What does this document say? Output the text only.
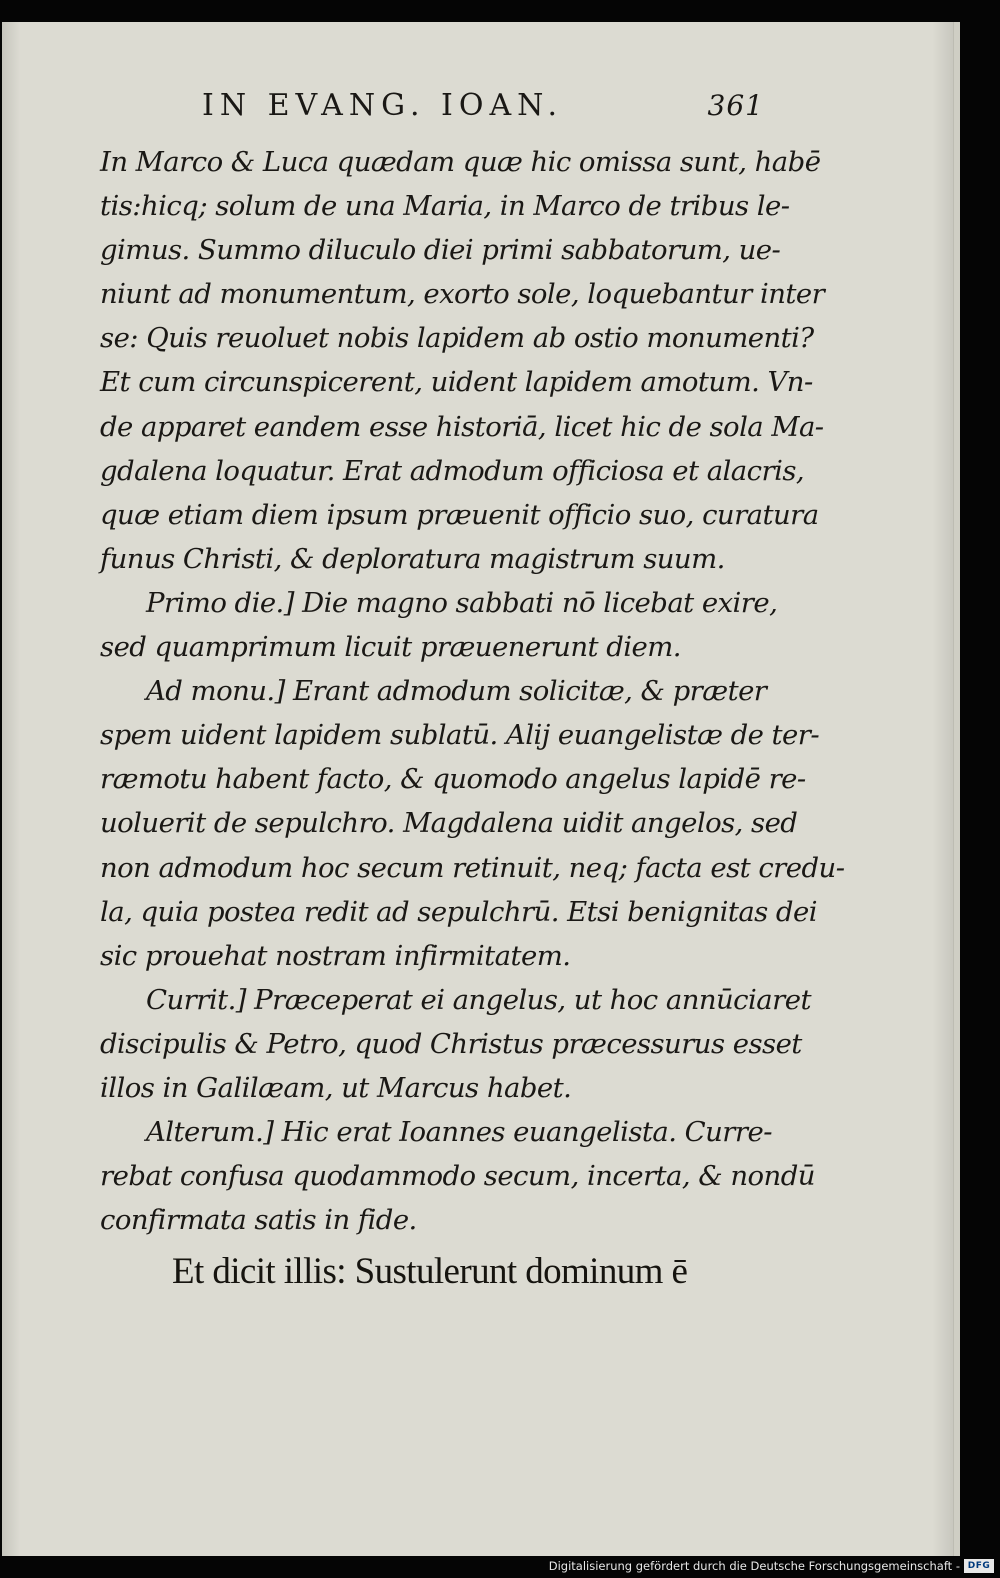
IN EVANG. IOAN.	361
In Marco & Luca quædam quæ hic omissa sunt, habē
tis:hicq; solum de una Maria, in Marco de tribus le-
gimus. Summo diluculo diei primi sabbatorum, ue-
niunt ad monumentum, exorto sole, loquebantur inter
se: Quis reuoluet nobis lapidem ab ostio monumenti?
Et cum circunspicerent, uident lapidem amotum. Vn-
de apparet eandem esse historiā, licet hic de sola Ma-
gdalena loquatur. Erat admodum officiosa et alacris,
quæ etiam diem ipsum præuenit officio suo, curatura
funus Christi, & deploratura magistrum suum.
Primo die.] Die magno sabbati nō licebat exire,
sed quamprimum licuit præuenerunt diem.
Ad monu.] Erant admodum solicitæ, & præter
spem uident lapidem sublatū. Alij euangelistæ de ter-
ræmotu habent facto, & quomodo angelus lapidē re-
uoluerit de sepulchro. Magdalena uidit angelos, sed
non admodum hoc secum retinuit, neq; facta est credu-
la, quia postea redit ad sepulchrū. Etsi benignitas dei
sic prouehat nostram infirmitatem.
Currit.] Præceperat ei angelus, ut hoc annūciaret
discipulis & Petro, quod Christus præcessurus esset
illos in Galilæam, ut Marcus habet.
Alterum.] Hic erat Ioannes euangelista. Curre-
rebat confusa quodammodo secum, incerta, & nondū
confirmata satis in fide.
Et dicit illis: Sustulerunt dominum ē
Digitalisierung gefördert durch die Deutsche Forschungsgemeinschaft - DFG
